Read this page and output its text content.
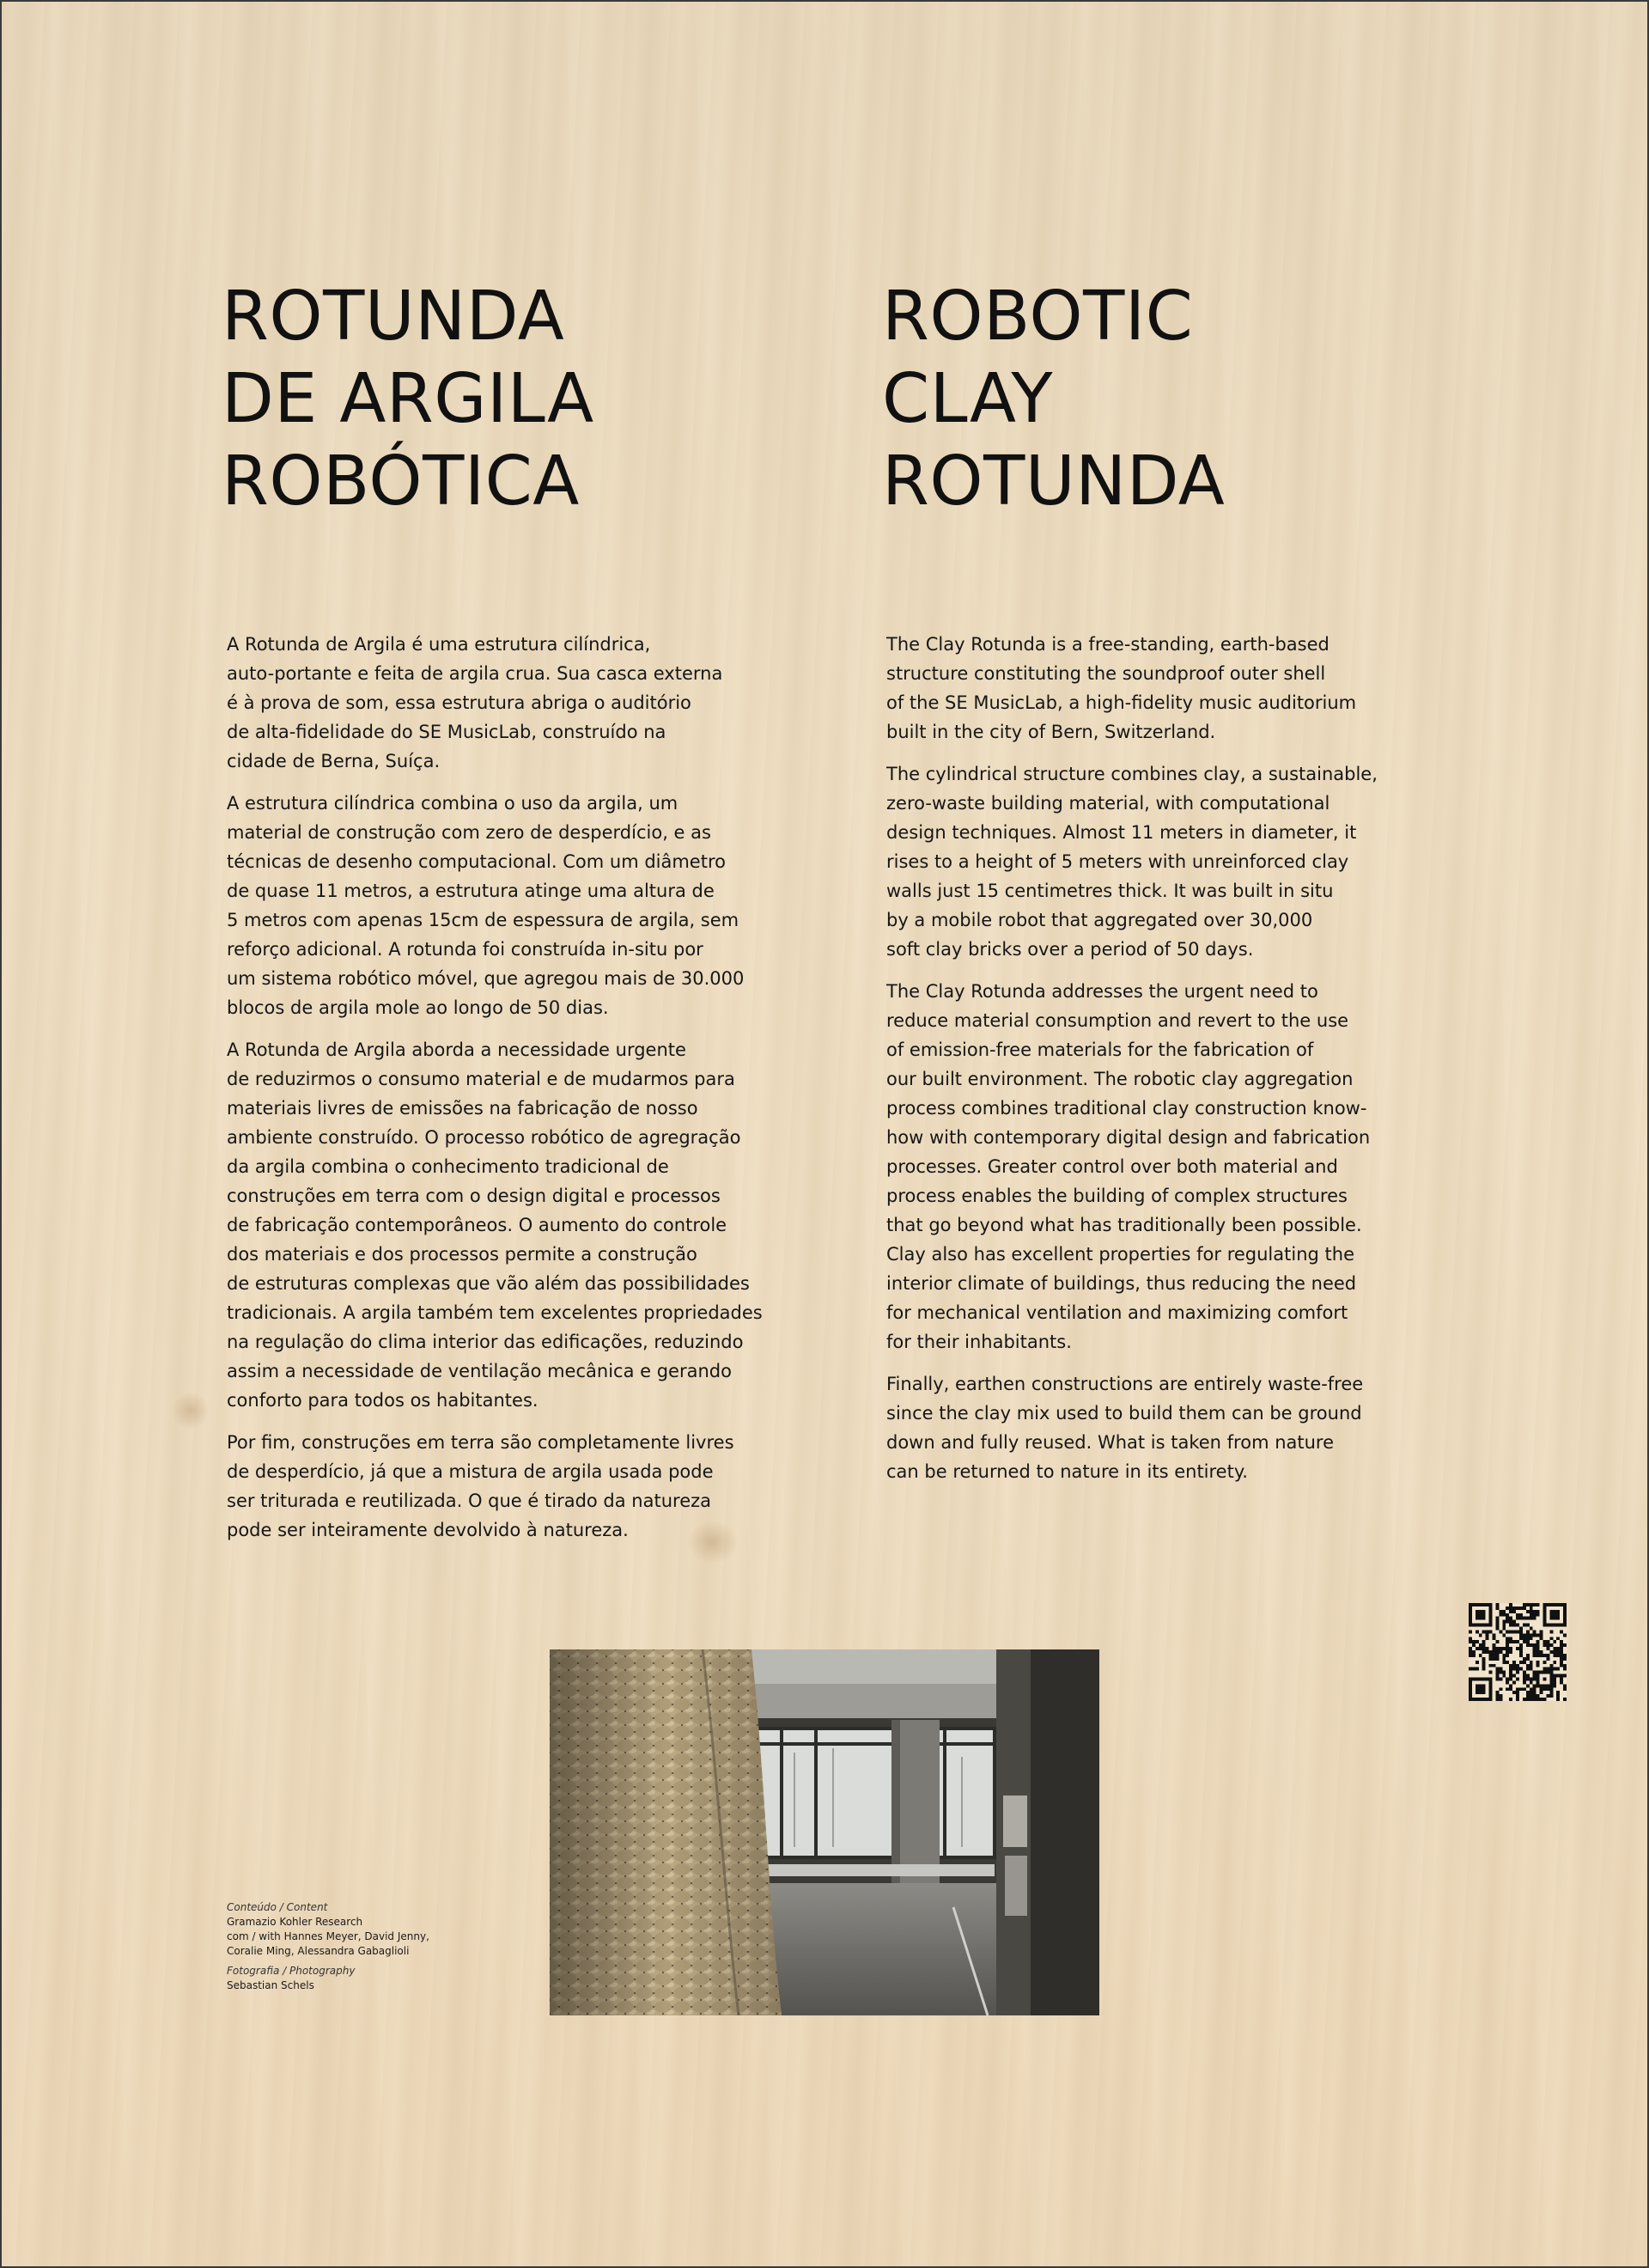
ROTUNDA
DE ARGILA
ROBÓTICA

A Rotunda de Argila é uma estrutura cilíndrica,
auto-portante e feita de argila crua. Sua casca externa
é à prova de som, essa estrutura abriga o auditório
de alta-fidelidade do SE MusicLab, construído na
cidade de Berna, Suíça.

A estrutura cilíndrica combina o uso da argila, um
material de construção com zero de desperdício, e as
técnicas de desenho computacional. Com um diâmetro
de quase 11 metros, a estrutura atinge uma altura de
5 metros com apenas 15cm de espessura de argila, sem
reforço adicional. A rotunda foi construída in-situ por
um sistema robótico móvel, que agregou mais de 30.000
blocos de argila mole ao longo de 50 dias.

A Rotunda de Argila aborda a necessidade urgente
de reduzirmos o consumo material e de mudarmos para
materiais livres de emissões na fabricação de nosso
ambiente construído. O processo robótico de agregração
da argila combina o conhecimento tradicional de
construções em terra com o design digital e processos
de fabricação contemporâneos. O aumento do controle
dos materiais e dos processos permite a construção
de estruturas complexas que vão além das possibilidades
tradicionais. A argila também tem excelentes propriedades
na regulação do clima interior das edificações, reduzindo
assim a necessidade de ventilação mecânica e gerando
conforto para todos os habitantes.

Por fim, construções em terra são completamente livres
de desperdício, já que a mistura de argila usada pode
ser triturada e reutilizada. O que é tirado da natureza
pode ser inteiramente devolvido à natureza.

ROBOTIC
CLAY
ROTUNDA

The Clay Rotunda is a free-standing, earth-based
structure constituting the soundproof outer shell
of the SE MusicLab, a high-fidelity music auditorium
built in the city of Bern, Switzerland.

The cylindrical structure combines clay, a sustainable,
zero-waste building material, with computational
design techniques. Almost 11 meters in diameter, it
rises to a height of 5 meters with unreinforced clay
walls just 15 centimetres thick. It was built in situ
by a mobile robot that aggregated over 30,000
soft clay bricks over a period of 50 days.

The Clay Rotunda addresses the urgent need to
reduce material consumption and revert to the use
of emission-free materials for the fabrication of
our built environment. The robotic clay aggregation
process combines traditional clay construction know-
how with contemporary digital design and fabrication
processes. Greater control over both material and
process enables the building of complex structures
that go beyond what has traditionally been possible.
Clay also has excellent properties for regulating the
interior climate of buildings, thus reducing the need
for mechanical ventilation and maximizing comfort
for their inhabitants.

Finally, earthen constructions are entirely waste-free
since the clay mix used to build them can be ground
down and fully reused. What is taken from nature
can be returned to nature in its entirety.

Conteúdo / Content
Gramazio Kohler Research
com / with Hannes Meyer, David Jenny,
Coralie Ming, Alessandra Gabaglioli
Fotografia / Photography
Sebastian Schels
